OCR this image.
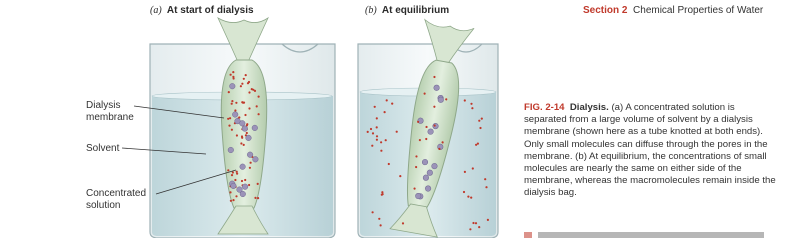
(a) At start of dialysis	(b) At equilibrium	Section 2 Chemical Properties of Water
Dialysis membrane
Solvent
Concentrated solution
FIG. 2-14 Dialysis. (a) A concentrated solution is separated from a large volume of solvent by a dialysis membrane (shown here as a tube knotted at both ends). Only small molecules can diffuse through the pores in the membrane. (b) At equilibrium, the concentrations of small molecules are nearly the same on either side of the membrane, whereas the macromolecules remain inside the dialysis bag.
